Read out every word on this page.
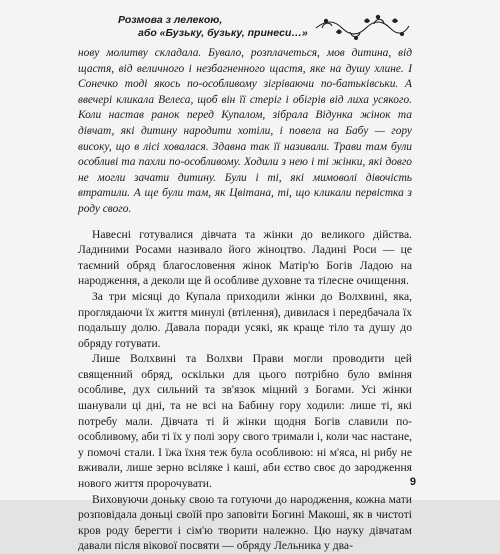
Розмова з лелекою,
або «Бузьку, бузьку, принеси…»

нову молитву складала. Бувало, розплачеться, мов дитина, від щастя, від величного і незбагненного щастя, яке на душу хлине. І Сонечко тоді якось по-особливому зігріваючи по-батьківськи. А ввечері кликала Велеса, щоб він її стеріг і обігрів від лиха усякого. Коли настав ранок перед Купалом, зібрала Відунка жінок та дівчат, які дитину народити хотіли, і повела на Бабу — гору високу, що в лісі ховалася. Здавна так її називали. Трави там були особливі та пахли по-особливому. Ходили з нею і ті жінки, які довго не могли зачати дитину. Були і ті, які мимоволі дівочість втратили. А ще були там, як Цвітана, ті, що кликали первістка з роду свого.

Навесні готувалися дівчата та жінки до великого дійства. Ладиними Росами називало його жіноцтво. Ладині Роси — це таємний обряд благословення жінок Матір'ю Богів Ладою на народження, а деколи ще й особливе духовне та тілесне очищення.

За три місяці до Купала приходили жінки до Волхвині, яка, проглядаючи їх життя минулі (втілення), дивилася і передбачала їх подальшу долю. Давала поради усякі, як краще тіло та душу до обряду готувати.

Лише Волхвині та Волхви Прави могли проводити цей священний обряд, оскільки для цього потрібно було вміння особливе, дух сильний та зв'язок міцний з Богами. Усі жінки шанували ці дні, та не всі на Бабину гору ходили: лише ті, які потребу мали. Дівчата ті й жінки щодня Богів славили по-особливому, аби ті їх у полі зору свого тримали і, коли час настане, у помочі стали. І їжа їхня теж була особливою: ні м'яса, ні рибу не вживали, лише зерно всіляке і каші, аби єство своє до зародження нового життя пророчувати.

Виховуючи доньку свою та готуючи до народження, кожна мати розповідала доньці своїй про заповіти Богині Макоші, як в чистоті кров роду берегти і сім'ю творити належно. Цю науку дівчатам давали після вікової посвяти — обряду Лельника у два-

9
